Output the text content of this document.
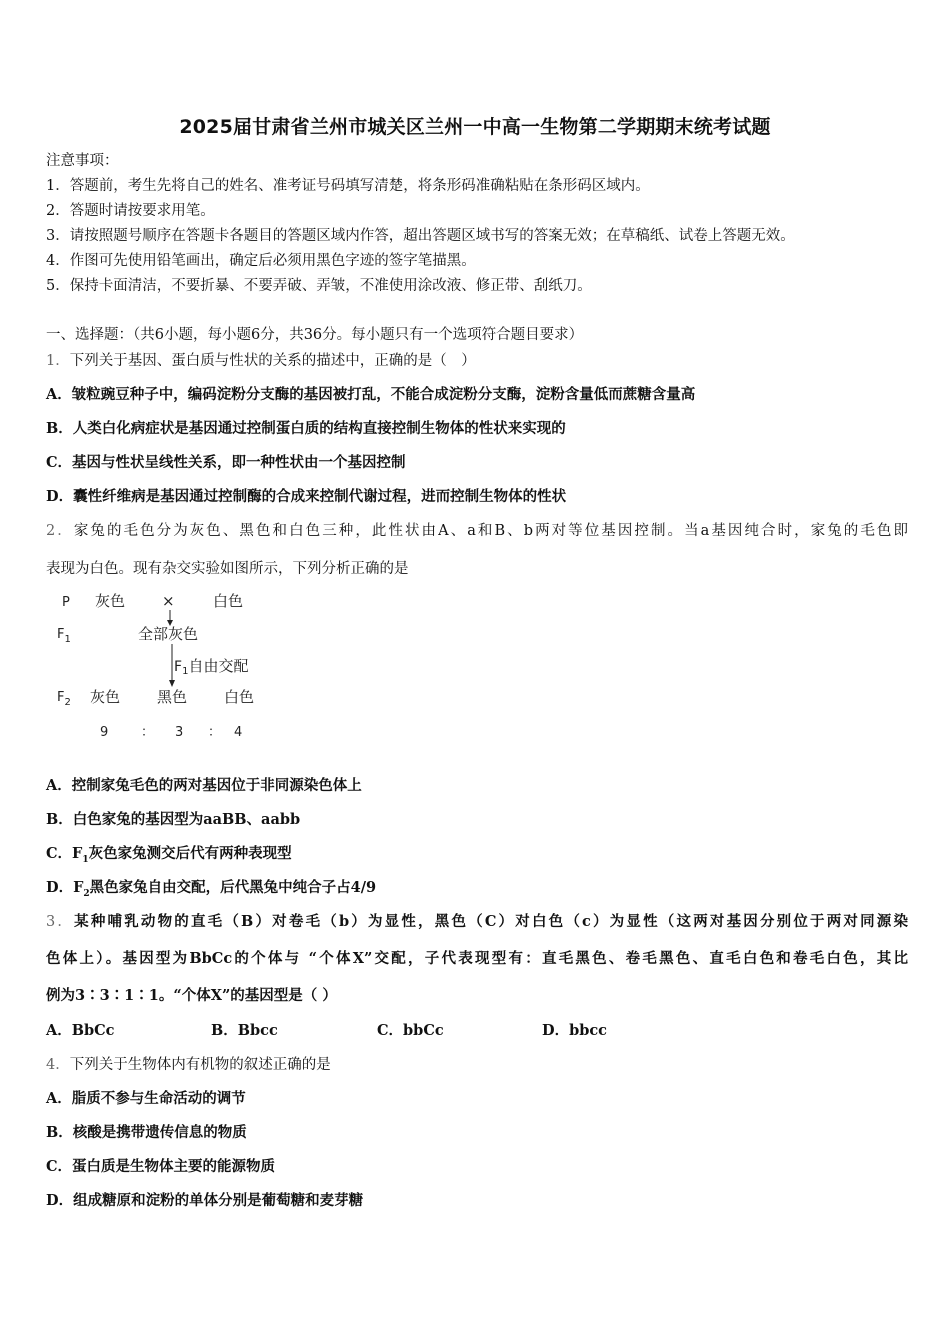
2025届甘肃省兰州市城关区兰州一中高一生物第二学期期末统考试题
注意事项：
1．答题前，考生先将自己的姓名、准考证号码填写清楚，将条形码准确粘贴在条形码区域内。
2．答题时请按要求用笔。
3．请按照题号顺序在答题卡各题目的答题区域内作答，超出答题区域书写的答案无效；在草稿纸、试卷上答题无效。
4．作图可先使用铅笔画出，确定后必须用黑色字迹的签字笔描黑。
5．保持卡面清洁，不要折暴、不要弄破、弄皱，不准使用涂改液、修正带、刮纸刀。
一、选择题：（共6小题，每小题6分，共36分。每小题只有一个选项符合题目要求）
1．下列关于基因、蛋白质与性状的关系的描述中，正确的是（　）
A．皱粒豌豆种子中，编码淀粉分支酶的基因被打乱，不能合成淀粉分支酶，淀粉含量低而蔗糖含量高
B．人类白化病症状是基因通过控制蛋白质的结构直接控制生物体的性状来实现的
C．基因与性状呈线性关系，即一种性状由一个基因控制
D．囊性纤维病是基因通过控制酶的合成来控制代谢过程，进而控制生物体的性状
2．家兔的毛色分为灰色、黑色和白色三种，此性状由A、a和B、b两对等位基因控制。当a基因纯合时，家兔的毛色即
表现为白色。现有杂交实验如图所示，下列分析正确的是
P 灰色 ×	白色
$F_1$	全部灰色
$F_1$自由交配
$F_2$ 灰色 黑色 白色
9	： 3 ： 4
A．控制家兔毛色的两对基因位于非同源染色体上
B．白色家兔的基因型为aaBB、aabb
C．$F_1$灰色家兔测交后代有两种表现型
D．$F_2$黑色家兔自由交配，后代黑兔中纯合子占4/9
3．某种哺乳动物的直毛（B）对卷毛（b）为显性，黑色（C）对白色（c）为显性（这两对基因分别位于两对同源染
色体上）。基因型为BbCc的个体与 “个体X”交配，子代表现型有：直毛黑色、卷毛黑色、直毛白色和卷毛白色，其比
例为3∶3∶1∶1。“个体X”的基因型是（ ）
A．BbCc	B．Bbcc	C．bbCc	D．bbcc
4．下列关于生物体内有机物的叙述正确的是
A．脂质不参与生命活动的调节
B．核酸是携带遗传信息的物质
C．蛋白质是生物体主要的能源物质
D．组成糖原和淀粉的单体分别是葡萄糖和麦芽糖
